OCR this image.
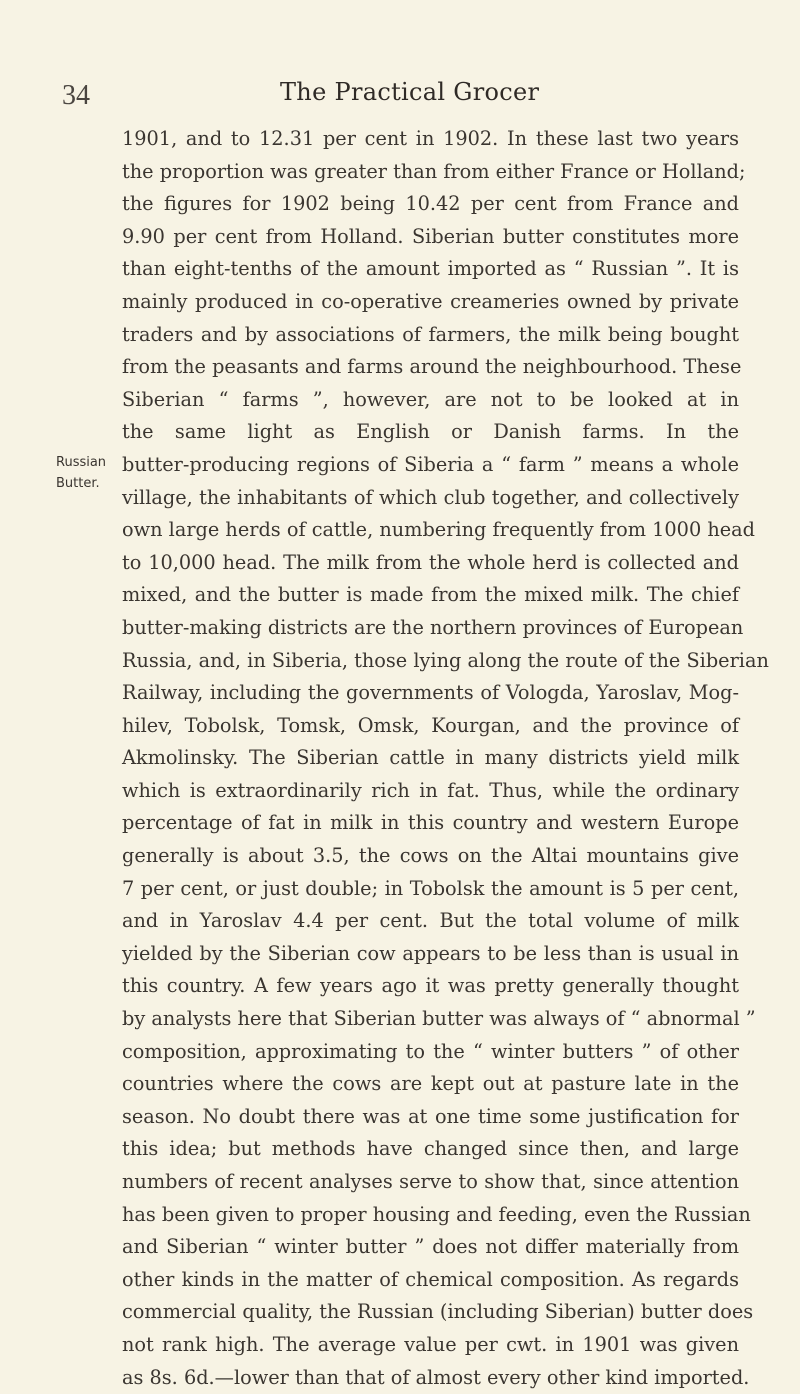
34	The Practical Grocer
Russian
Butter.
1901, and to 12.31 per cent in 1902. In these last two years
the proportion was greater than from either France or Holland;
the figures for 1902 being 10.42 per cent from France and
9.90 per cent from Holland. Siberian butter constitutes more
than eight-tenths of the amount imported as “ Russian ”. It is
mainly produced in co-operative creameries owned by private
traders and by associations of farmers, the milk being bought
from the peasants and farms around the neighbourhood. These
Siberian “ farms ”, however, are not to be looked at in
the same light as English or Danish farms. In the
butter-producing regions of Siberia a “ farm ” means a whole
village, the inhabitants of which club together, and collectively
own large herds of cattle, numbering frequently from 1000 head
to 10,000 head. The milk from the whole herd is collected and
mixed, and the butter is made from the mixed milk. The chief
butter-making districts are the northern provinces of European
Russia, and, in Siberia, those lying along the route of the Siberian
Railway, including the governments of Vologda, Yaroslav, Mog-
hilev, Tobolsk, Tomsk, Omsk, Kourgan, and the province of
Akmolinsky. The Siberian cattle in many districts yield milk
which is extraordinarily rich in fat. Thus, while the ordinary
percentage of fat in milk in this country and western Europe
generally is about 3.5, the cows on the Altai mountains give
7 per cent, or just double; in Tobolsk the amount is 5 per cent,
and in Yaroslav 4.4 per cent. But the total volume of milk
yielded by the Siberian cow appears to be less than is usual in
this country. A few years ago it was pretty generally thought
by analysts here that Siberian butter was always of “ abnormal ”
composition, approximating to the “ winter butters ” of other
countries where the cows are kept out at pasture late in the
season. No doubt there was at one time some justification for
this idea; but methods have changed since then, and large
numbers of recent analyses serve to show that, since attention
has been given to proper housing and feeding, even the Russian
and Siberian “ winter butter ” does not differ materially from
other kinds in the matter of chemical composition. As regards
commercial quality, the Russian (including Siberian) butter does
not rank high. The average value per cwt. in 1901 was given
as 8s. 6d.—lower than that of almost every other kind imported.
